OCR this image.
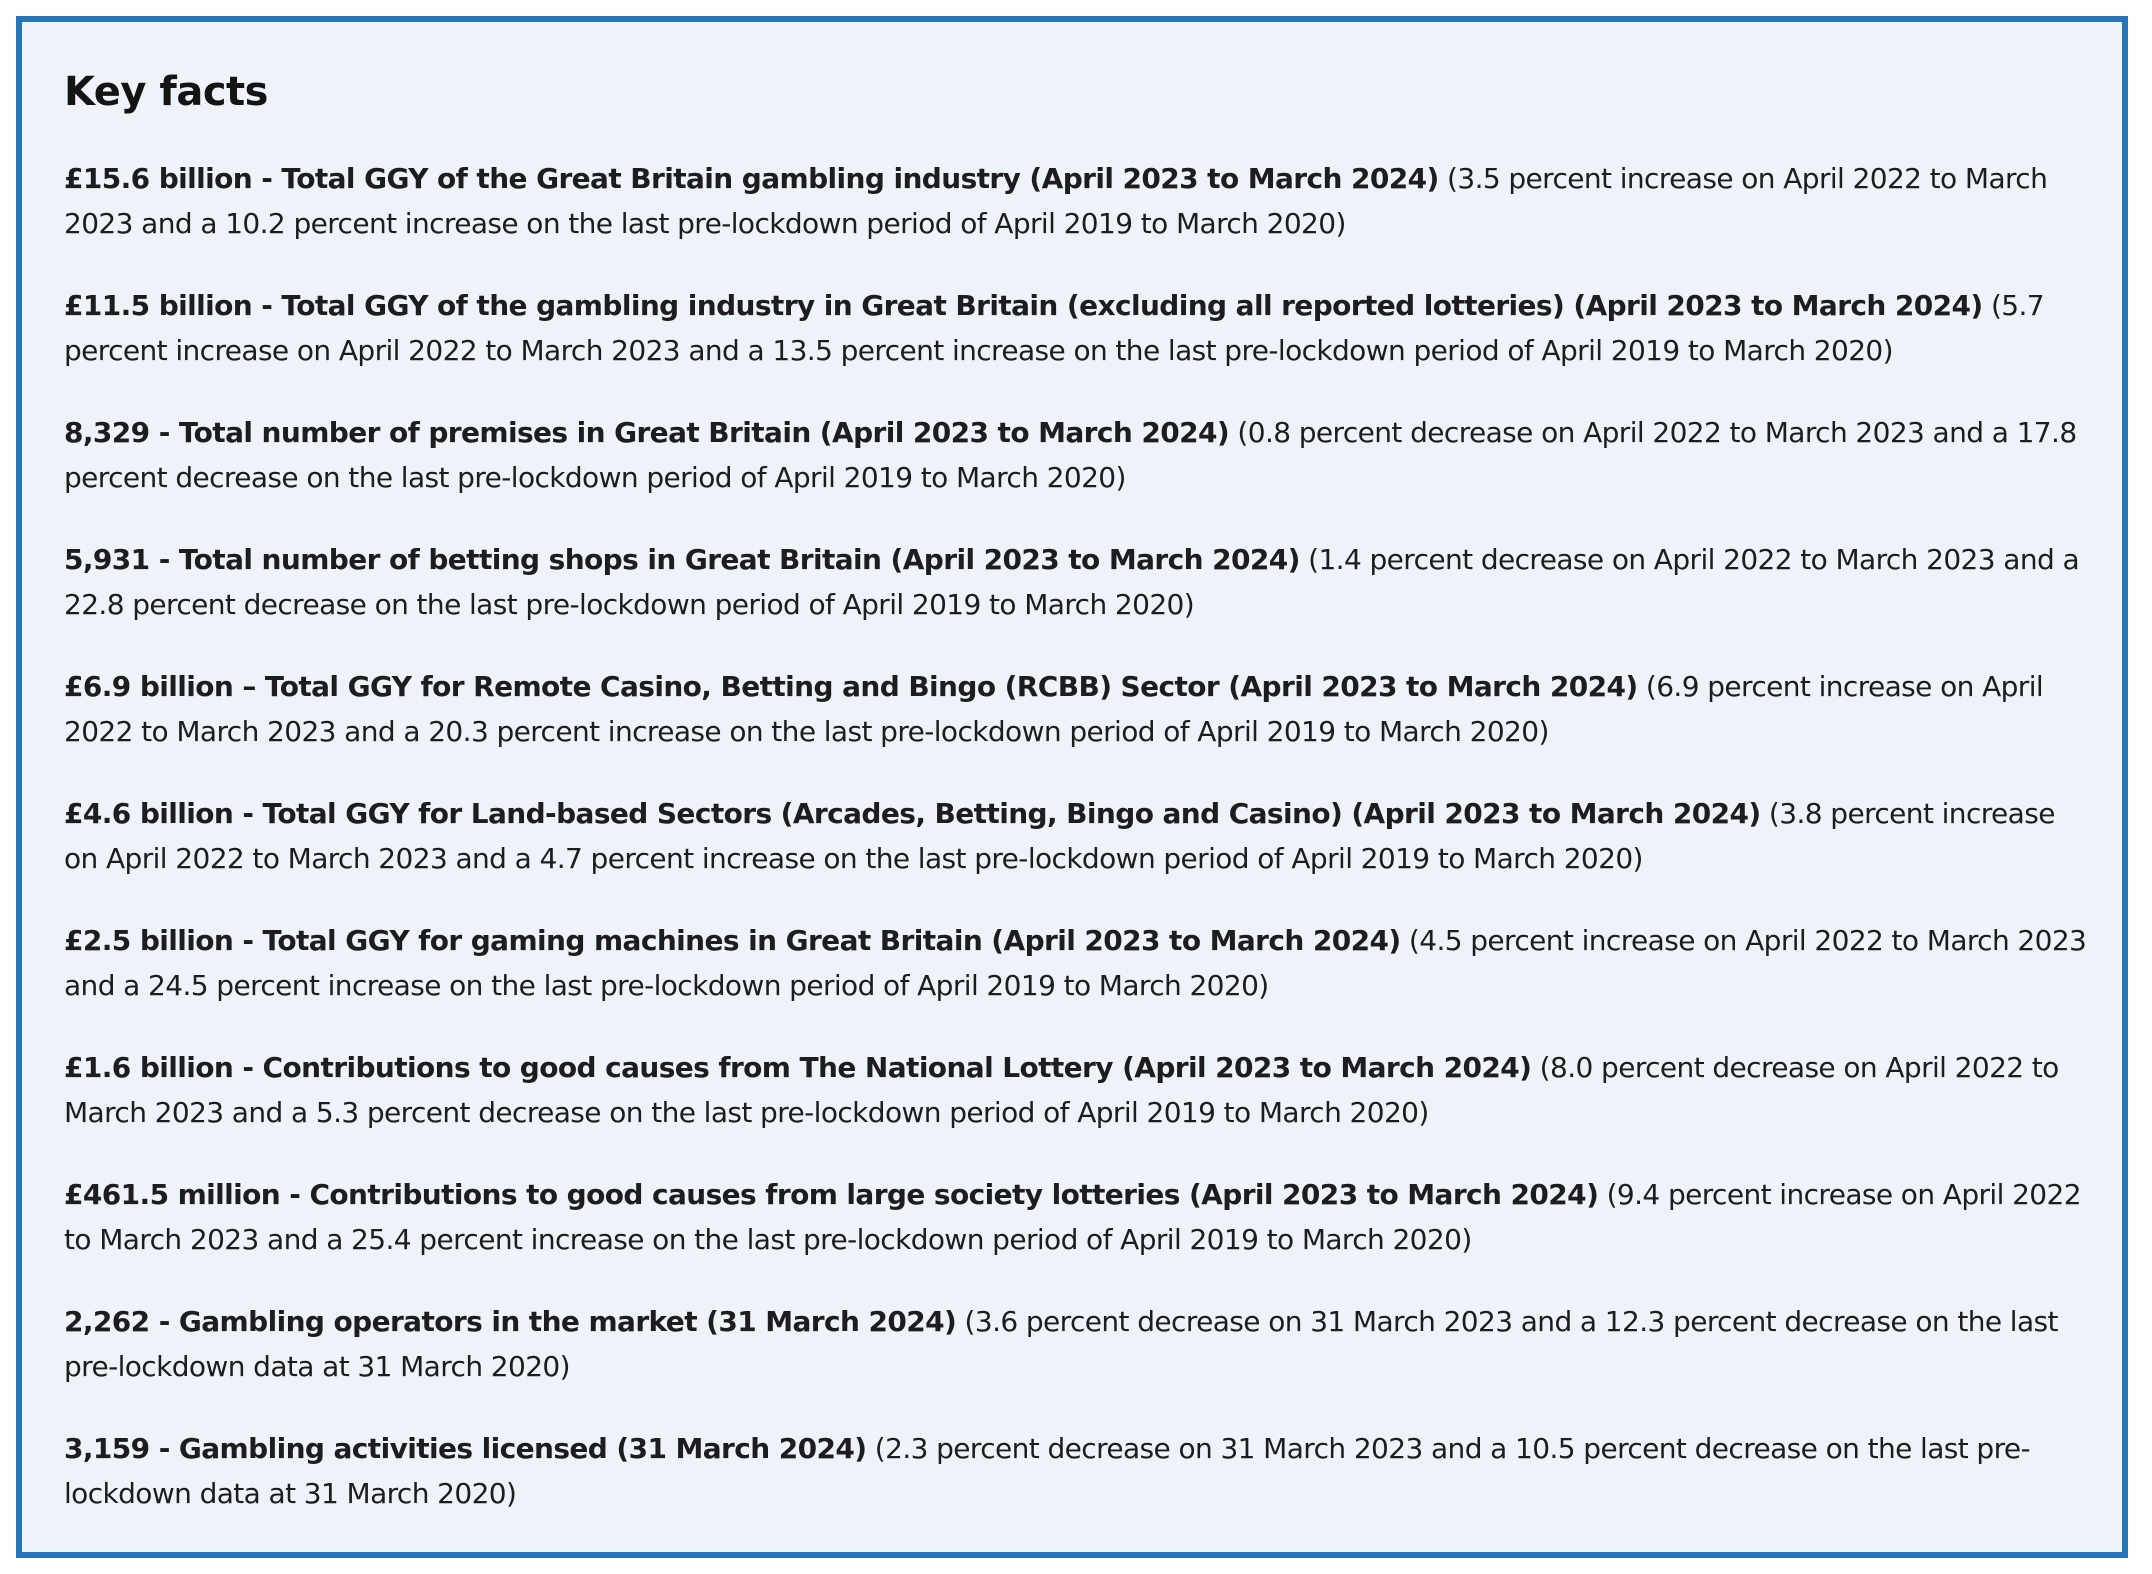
Key facts
£15.6 billion - Total GGY of the Great Britain gambling industry (April 2023 to March 2024) (3.5 percent increase on April 2022 to March 2023 and a 10.2 percent increase on the last pre-lockdown period of April 2019 to March 2020)
£11.5 billion - Total GGY of the gambling industry in Great Britain (excluding all reported lotteries) (April 2023 to March 2024) (5.7 percent increase on April 2022 to March 2023 and a 13.5 percent increase on the last pre-lockdown period of April 2019 to March 2020)
8,329 - Total number of premises in Great Britain (April 2023 to March 2024) (0.8 percent decrease on April 2022 to March 2023 and a 17.8 percent decrease on the last pre-lockdown period of April 2019 to March 2020)
5,931 - Total number of betting shops in Great Britain (April 2023 to March 2024) (1.4 percent decrease on April 2022 to March 2023 and a 22.8 percent decrease on the last pre-lockdown period of April 2019 to March 2020)
£6.9 billion – Total GGY for Remote Casino, Betting and Bingo (RCBB) Sector (April 2023 to March 2024) (6.9 percent increase on April 2022 to March 2023 and a 20.3 percent increase on the last pre-lockdown period of April 2019 to March 2020)
£4.6 billion - Total GGY for Land-based Sectors (Arcades, Betting, Bingo and Casino) (April 2023 to March 2024) (3.8 percent increase on April 2022 to March 2023 and a 4.7 percent increase on the last pre-lockdown period of April 2019 to March 2020)
£2.5 billion - Total GGY for gaming machines in Great Britain (April 2023 to March 2024) (4.5 percent increase on April 2022 to March 2023 and a 24.5 percent increase on the last pre-lockdown period of April 2019 to March 2020)
£1.6 billion - Contributions to good causes from The National Lottery (April 2023 to March 2024) (8.0 percent decrease on April 2022 to March 2023 and a 5.3 percent decrease on the last pre-lockdown period of April 2019 to March 2020)
£461.5 million - Contributions to good causes from large society lotteries (April 2023 to March 2024) (9.4 percent increase on April 2022 to March 2023 and a 25.4 percent increase on the last pre-lockdown period of April 2019 to March 2020)
2,262 - Gambling operators in the market (31 March 2024) (3.6 percent decrease on 31 March 2023 and a 12.3 percent decrease on the last pre-lockdown data at 31 March 2020)
3,159 - Gambling activities licensed (31 March 2024) (2.3 percent decrease on 31 March 2023 and a 10.5 percent decrease on the last pre-lockdown data at 31 March 2020)
